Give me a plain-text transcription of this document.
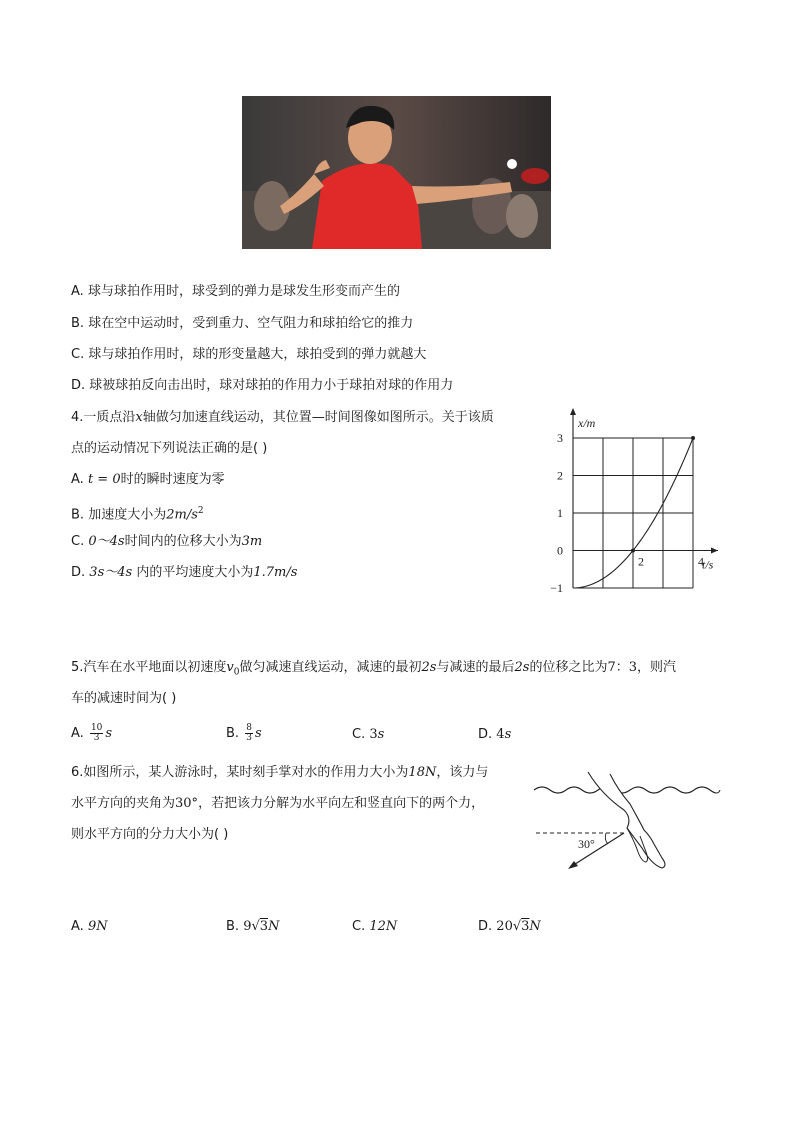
A. 球与球拍作用时，球受到的弹力是球发生形变而产生的
B. 球在空中运动时，受到重力、空气阻力和球拍给它的推力
C. 球与球拍作用时，球的形变量越大，球拍受到的弹力就越大
D. 球被球拍反向击出时，球对球拍的作用力小于球拍对球的作用力
4.一质点沿x轴做匀加速直线运动，其位置—时间图像如图所示。关于该质
点的运动情况下列说法正确的是( )
A. t = 0时的瞬时速度为零
B. 加速度大小为$2m/s^2$
C. 0～4s时间内的位移大小为3m
D. 3s～4s 内的平均速度大小为1.7m/s
−1
0
1
2
3
2	4
x/m
t/s
5.汽车在水平地面以初速度$v_0$做匀减速直线运动，减速的最初2s与减速的最后2s的位移之比为7：3，则汽
车的减速时间为( )
A. $\frac{10}{3}$ s	B. $\frac{8}{3}$ s	C. 3s	D. 4s
6.如图所示，某人游泳时，某时刻手掌对水的作用力大小为18N，该力与
水平方向的夹角为30°，若把该力分解为水平向左和竖直向下的两个力，
则水平方向的分力大小为( )
30°
A. 9N	B. 9√3N	C. 12N	D. 20√3N
